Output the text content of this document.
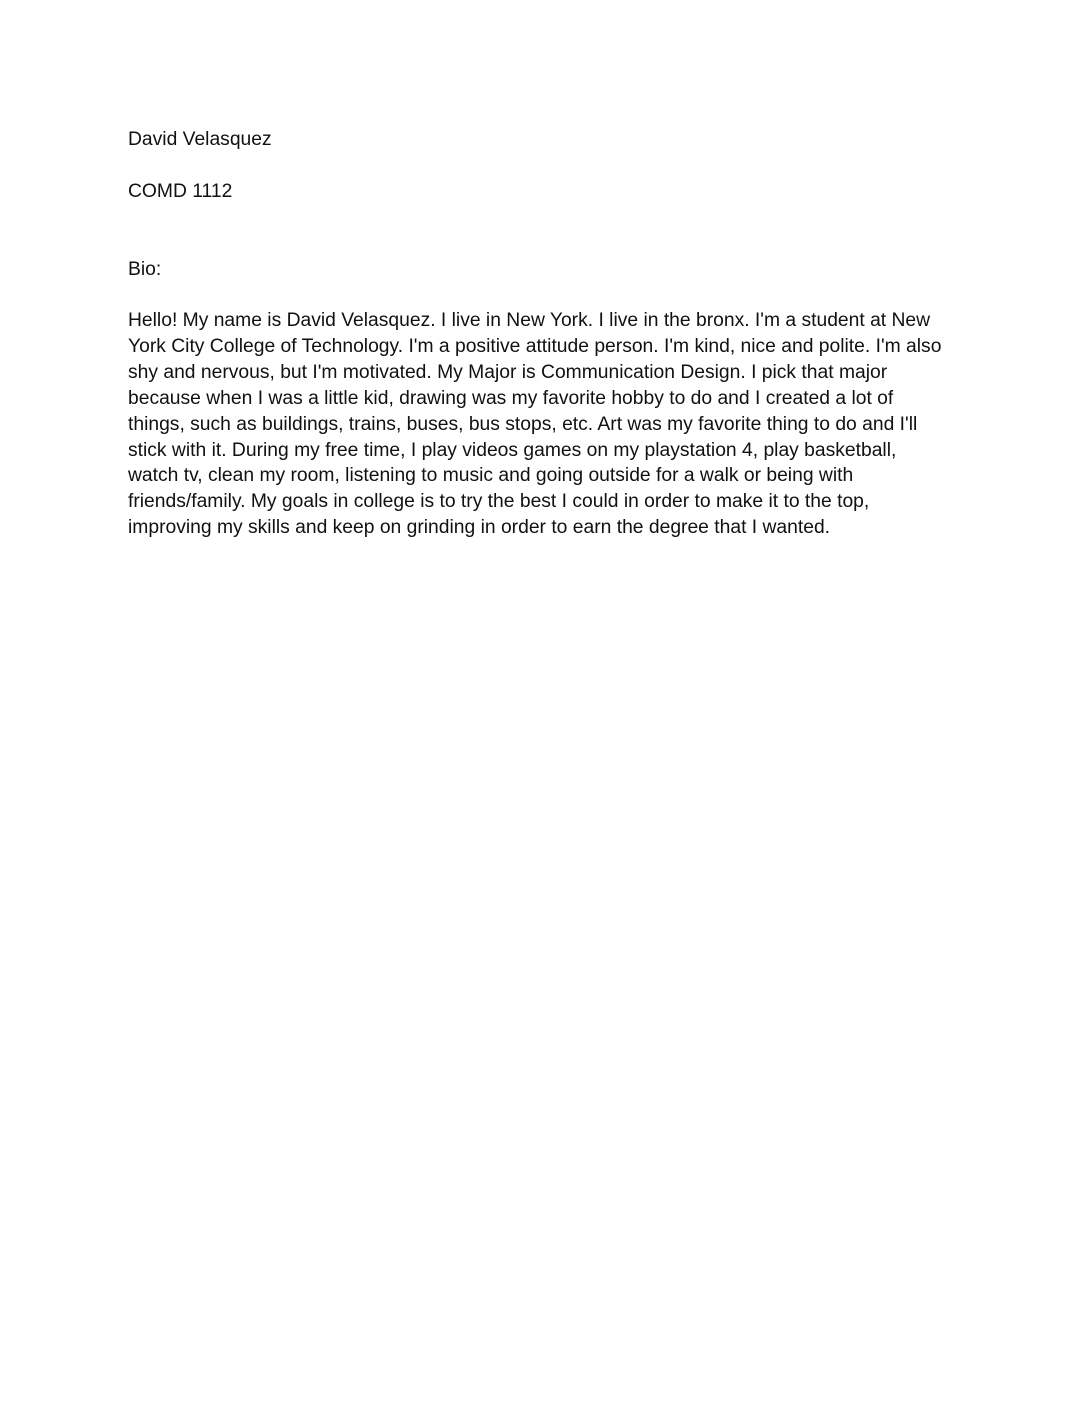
David Velasquez

COMD 1112

Bio:

Hello! My name is David Velasquez. I live in New York. I live in the bronx. I'm a student at New
York City College of Technology. I'm a positive attitude person. I'm kind, nice and polite. I'm also
shy and nervous, but I'm motivated. My Major is Communication Design. I pick that major
because when I was a little kid, drawing was my favorite hobby to do and I created a lot of
things, such as buildings, trains, buses, bus stops, etc. Art was my favorite thing to do and I'll
stick with it. During my free time, I play videos games on my playstation 4, play basketball,
watch tv, clean my room, listening to music and going outside for a walk or being with
friends/family. My goals in college is to try the best I could in order to make it to the top,
improving my skills and keep on grinding in order to earn the degree that I wanted.
